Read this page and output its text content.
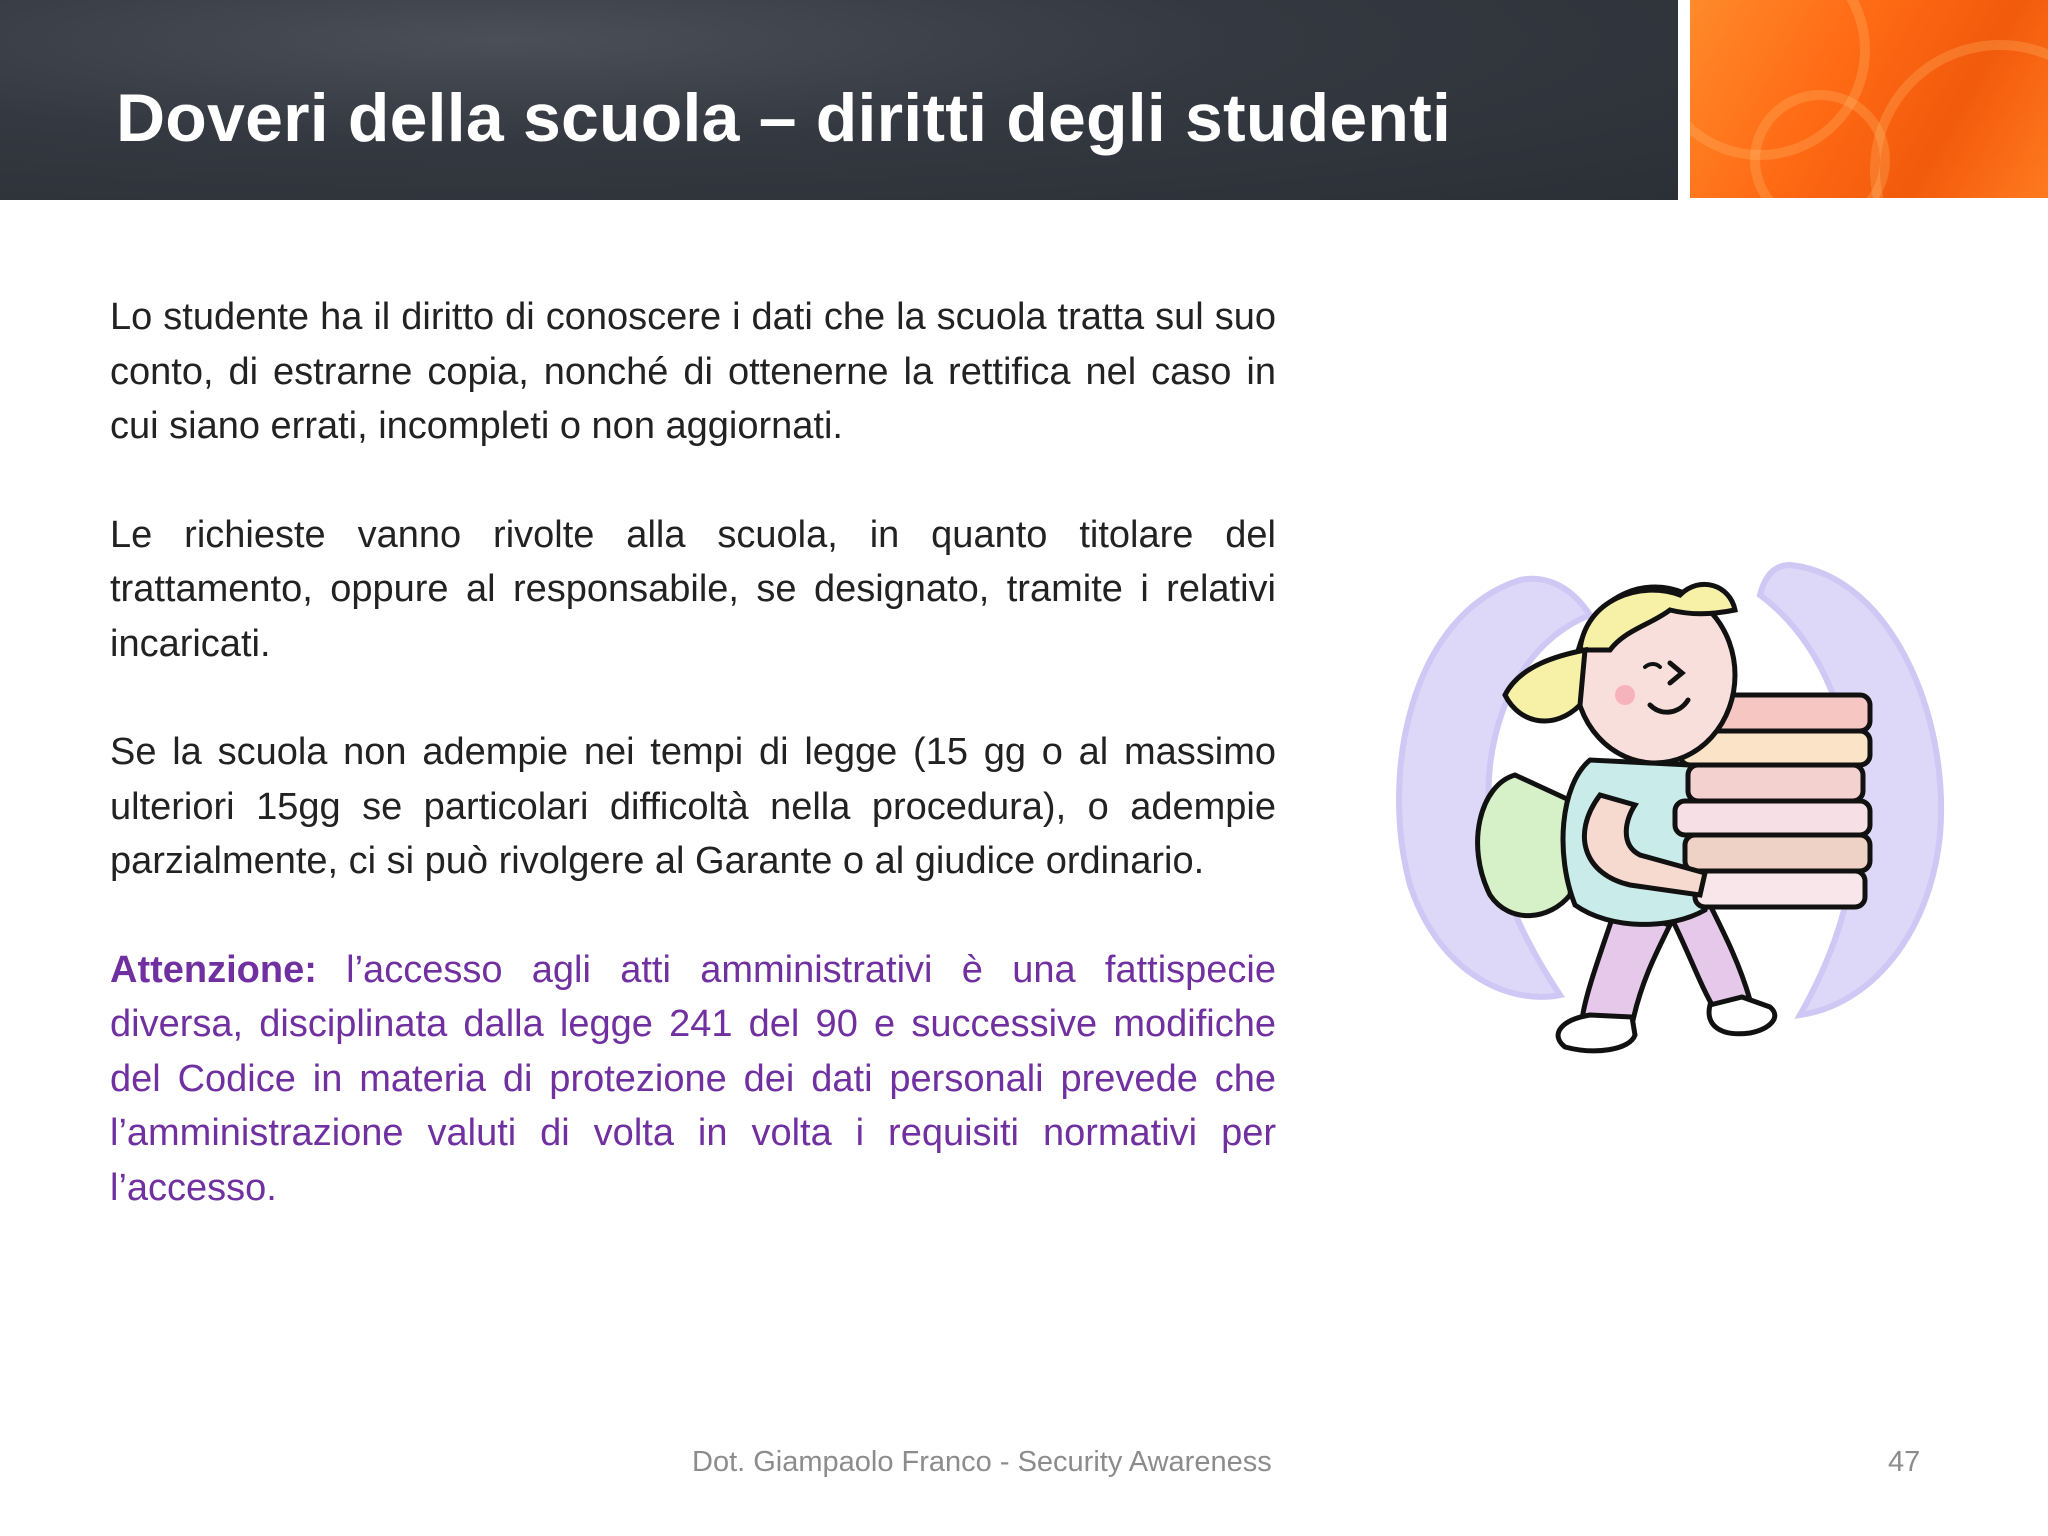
Doveri della scuola – diritti degli studenti

Lo studente ha il diritto di conoscere i dati che la scuola tratta sul suo conto, di estrarne copia, nonché di ottenerne la rettifica nel caso in cui siano errati, incompleti o non aggiornati.

Le richieste vanno rivolte alla scuola, in quanto titolare del trattamento, oppure al responsabile, se designato, tramite i relativi incaricati.

Se la scuola non adempie nei tempi di legge (15 gg o al massimo ulteriori 15gg se particolari difficoltà nella procedura), o adempie parzialmente, ci si può rivolgere al Garante o al giudice ordinario.

Attenzione: l’accesso agli atti amministrativi è una fattispecie diversa, disciplinata dalla legge 241 del 90 e successive modifiche del Codice in materia di protezione dei dati personali prevede che l’amministrazione valuti di volta in volta i requisiti normativi per l’accesso.

Dot. Giampaolo Franco - Security Awareness	47
